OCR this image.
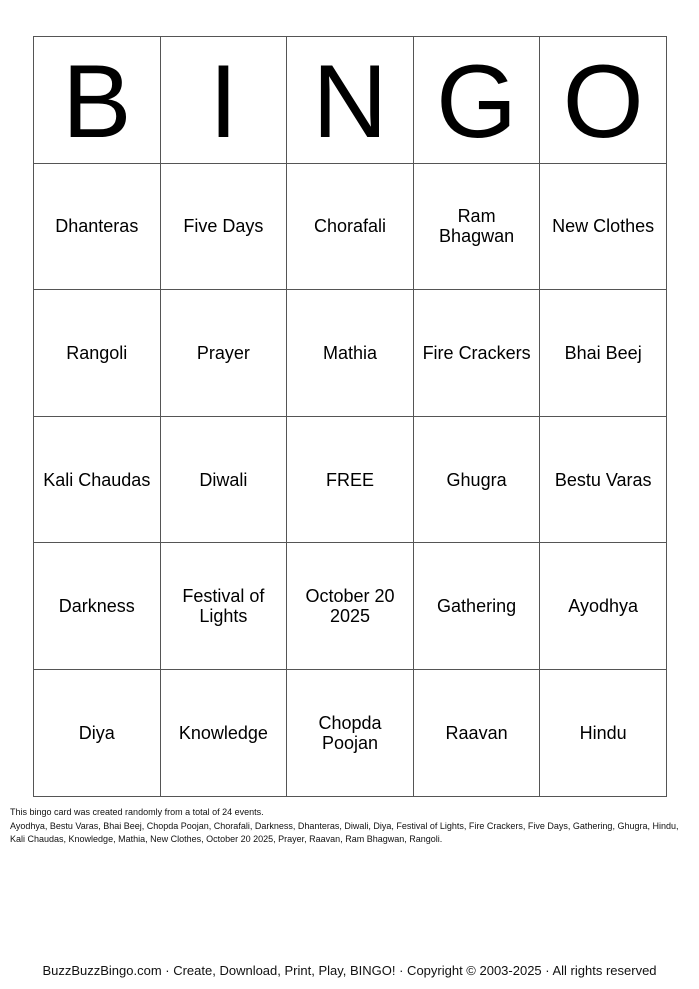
B	I	N	G	O
Dhanteras	Five Days	Chorafali	Ram Bhagwan	New Clothes
Rangoli	Prayer	Mathia	Fire Crackers	Bhai Beej
Kali Chaudas	Diwali	FREE	Ghugra	Bestu Varas
Darkness	Festival of Lights	October 20 2025	Gathering	Ayodhya
Diya	Knowledge	Chopda Poojan	Raavan	Hindu
This bingo card was created randomly from a total of 24 events.
Ayodhya, Bestu Varas, Bhai Beej, Chopda Poojan, Chorafali, Darkness, Dhanteras, Diwali, Diya, Festival of Lights, Fire Crackers, Five Days, Gathering, Ghugra, Hindu, Kali Chaudas, Knowledge, Mathia, New Clothes, October 20 2025, Prayer, Raavan, Ram Bhagwan, Rangoli.
BuzzBuzzBingo.com · Create, Download, Print, Play, BINGO! · Copyright © 2003-2025 · All rights reserved
